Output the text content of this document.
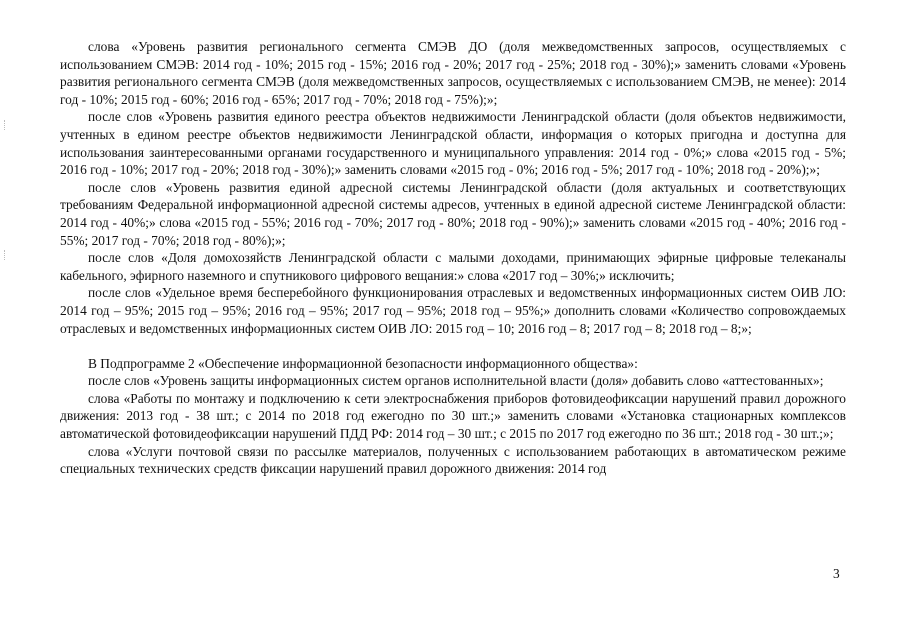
слова «Уровень развития регионального сегмента СМЭВ ДО (доля межведомственных запросов, осуществляемых с использованием СМЭВ: 2014 год - 10%; 2015 год - 15%; 2016 год - 20%; 2017 год - 25%; 2018 год - 30%);» заменить словами «Уровень развития регионального сегмента СМЭВ (доля межведомственных запросов, осуществляемых с использованием СМЭВ, не менее): 2014 год - 10%; 2015 год - 60%; 2016 год - 65%; 2017 год - 70%; 2018 год - 75%);»;

после слов «Уровень развития единого реестра объектов недвижимости Ленинградской области (доля объектов недвижимости, учтенных в едином реестре объектов недвижимости Ленинградской области, информация о которых пригодна и доступна для использования заинтересованными органами государственного и муниципального управления: 2014 год - 0%;» слова «2015 год - 5%; 2016 год - 10%; 2017 год - 20%; 2018 год - 30%);» заменить словами «2015 год - 0%; 2016 год - 5%; 2017 год - 10%; 2018 год - 20%);»;

после слов «Уровень развития единой адресной системы Ленинградской области (доля актуальных и соответствующих требованиям Федеральной информационной адресной системы адресов, учтенных в единой адресной системе Ленинградской области: 2014 год - 40%;» слова «2015 год - 55%; 2016 год - 70%; 2017 год - 80%; 2018 год - 90%);» заменить словами «2015 год - 40%; 2016 год - 55%; 2017 год - 70%; 2018 год - 80%);»;

после слов «Доля домохозяйств Ленинградской области с малыми доходами, принимающих эфирные цифровые телеканалы кабельного, эфирного наземного и спутникового цифрового вещания:» слова «2017 год – 30%;» исключить;

после слов «Удельное время бесперебойного функционирования отраслевых и ведомственных информационных систем ОИВ ЛО: 2014 год – 95%; 2015 год – 95%; 2016 год – 95%; 2017 год – 95%; 2018 год – 95%;» дополнить словами «Количество сопровождаемых отраслевых и ведомственных информационных систем ОИВ ЛО: 2015 год – 10; 2016 год – 8; 2017 год – 8; 2018 год – 8;»;

В Подпрограмме 2 «Обеспечение информационной безопасности информационного общества»:

после слов «Уровень защиты информационных систем органов исполнительной власти (доля» добавить слово «аттестованных»;

слова «Работы по монтажу и подключению к сети электроснабжения приборов фотовидеофиксации нарушений правил дорожного движения: 2013 год - 38 шт.; с 2014 по 2018 год ежегодно по 30 шт.;» заменить словами «Установка стационарных комплексов автоматической фотовидеофиксации нарушений ПДД РФ: 2014 год – 30 шт.; с 2015 по 2017 год ежегодно по 36 шт.; 2018 год - 30 шт.;»;

слова «Услуги почтовой связи по рассылке материалов, полученных с использованием работающих в автоматическом режиме специальных технических средств фиксации нарушений правил дорожного движения: 2014 год

3
